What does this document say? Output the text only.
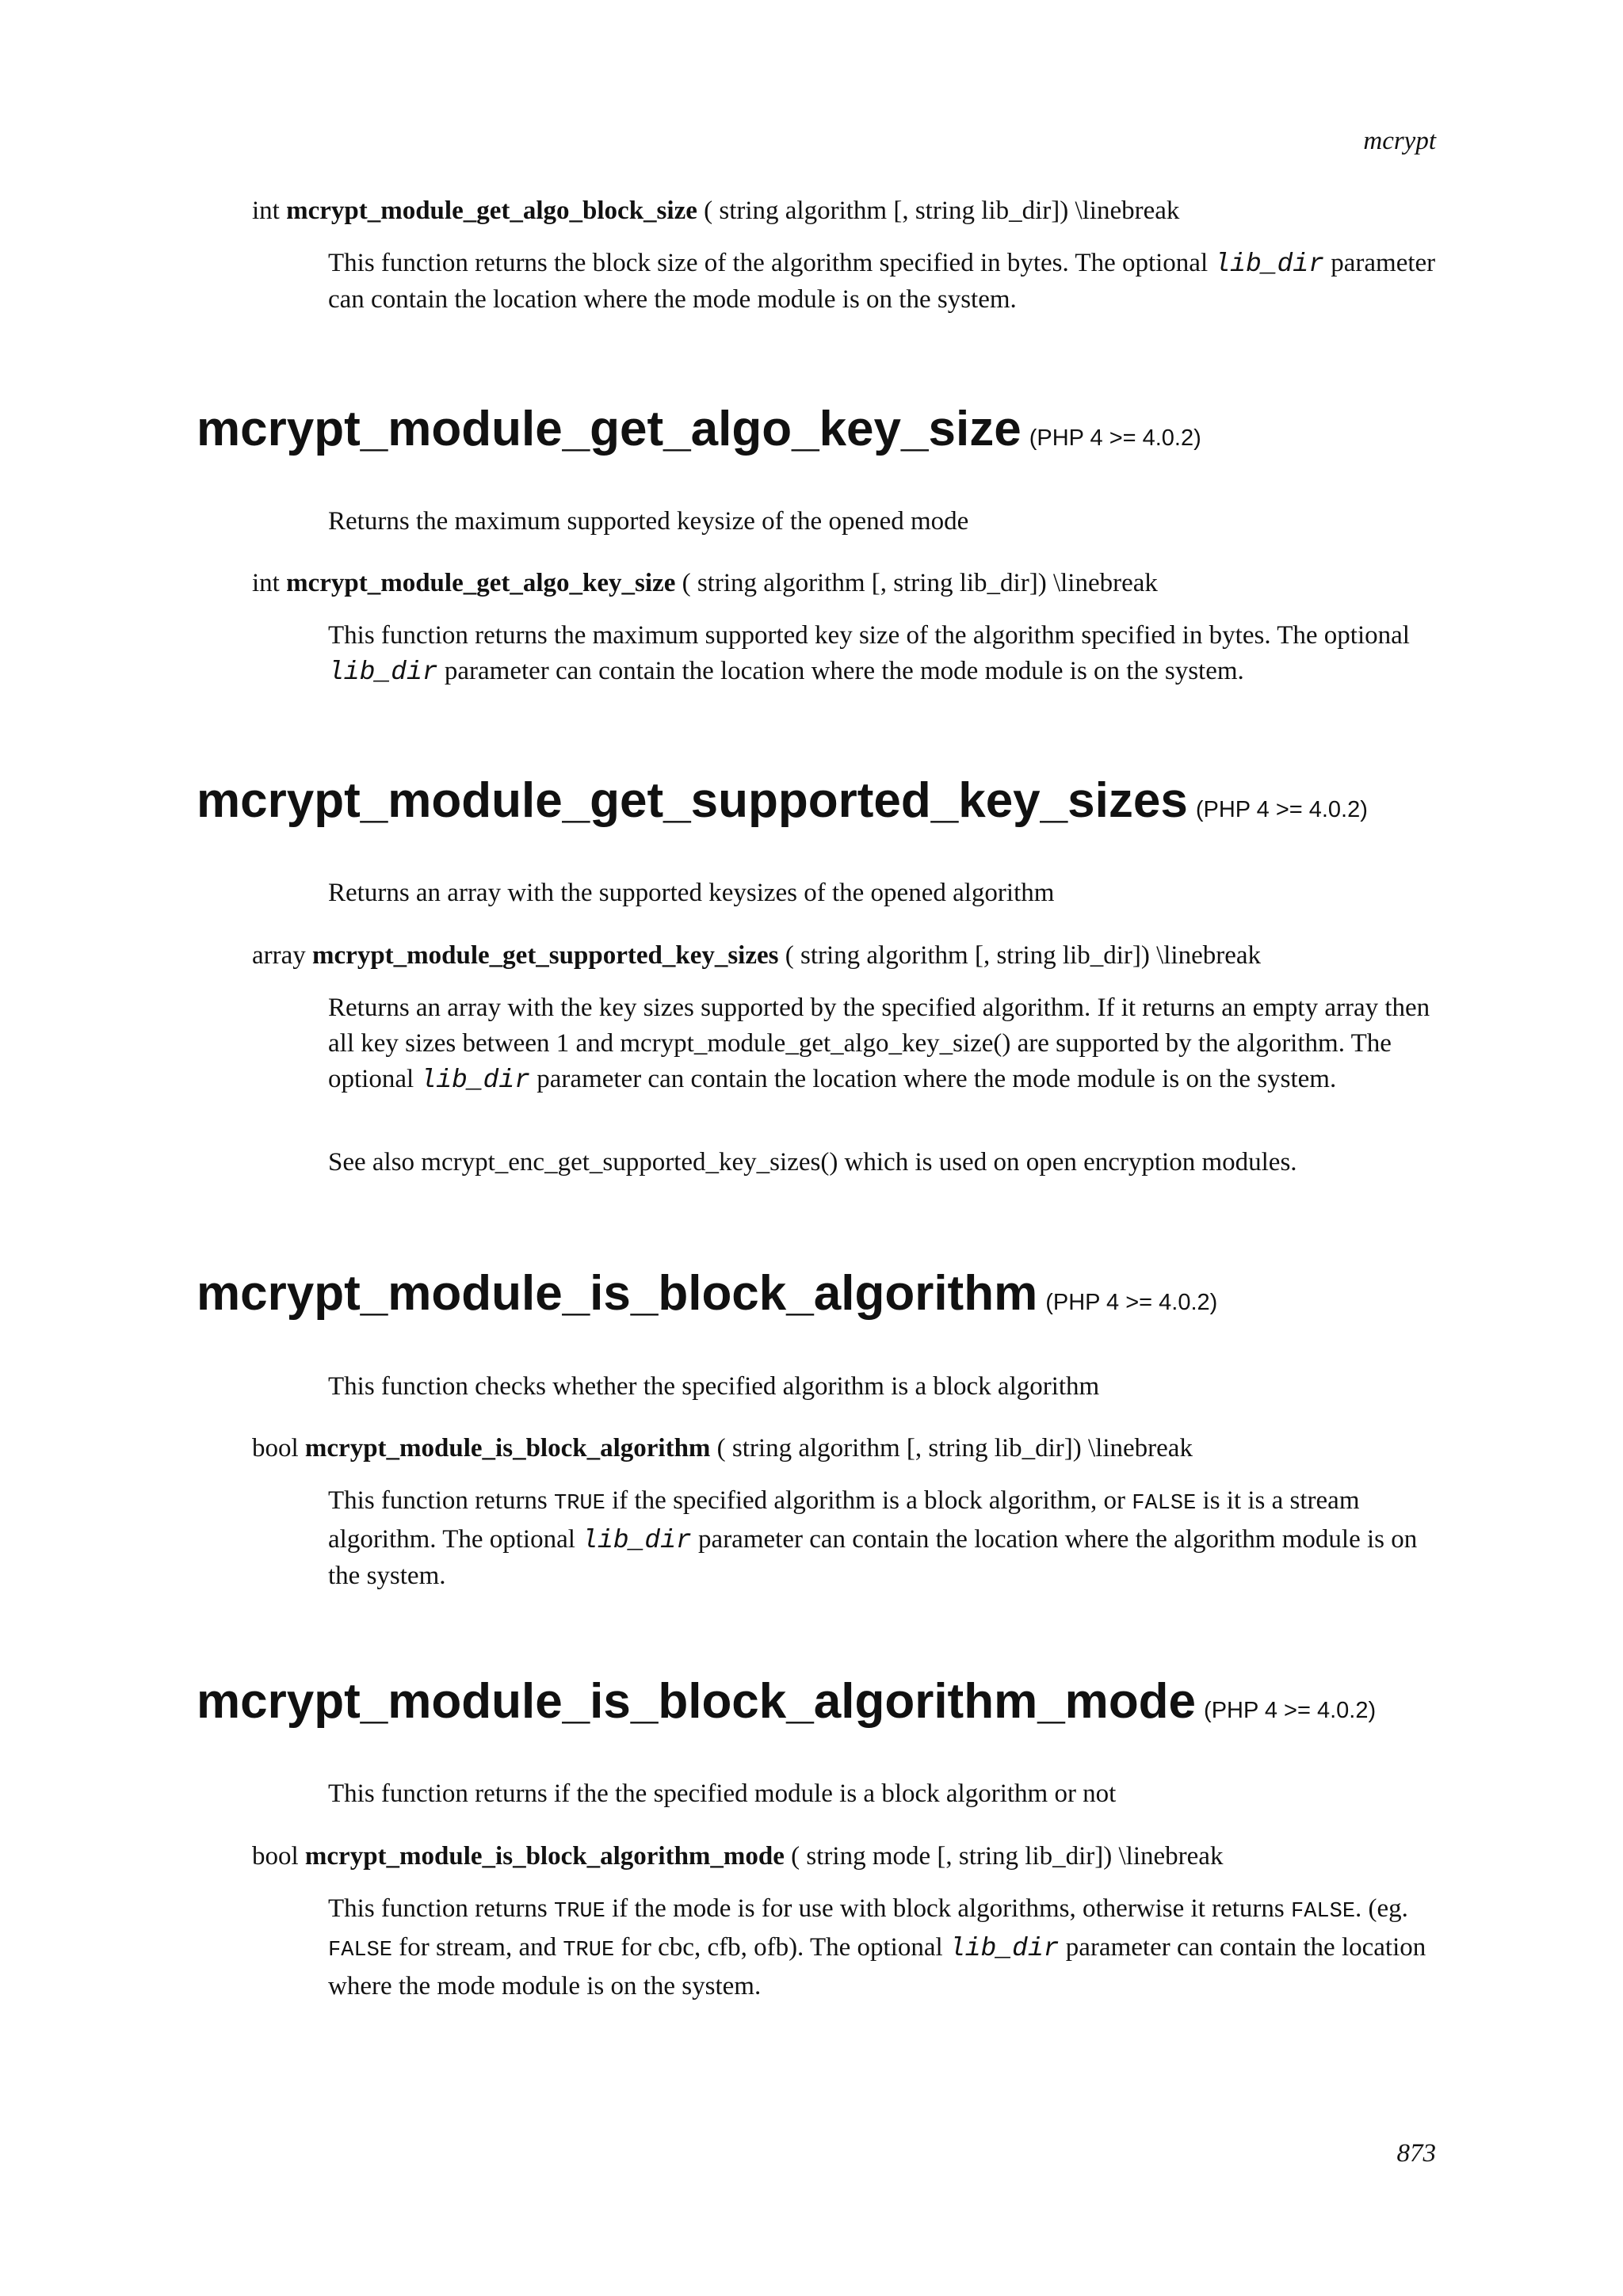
mcrypt
int mcrypt_module_get_algo_block_size ( string algorithm [, string lib_dir]) \linebreak
This function returns the block size of the algorithm specified in bytes. The optional lib_dir parameter can contain the location where the mode module is on the system.
mcrypt_module_get_algo_key_size (PHP 4 >= 4.0.2)
Returns the maximum supported keysize of the opened mode
int mcrypt_module_get_algo_key_size ( string algorithm [, string lib_dir]) \linebreak
This function returns the maximum supported key size of the algorithm specified in bytes. The optional lib_dir parameter can contain the location where the mode module is on the system.
mcrypt_module_get_supported_key_sizes (PHP 4 >= 4.0.2)
Returns an array with the supported keysizes of the opened algorithm
array mcrypt_module_get_supported_key_sizes ( string algorithm [, string lib_dir]) \linebreak
Returns an array with the key sizes supported by the specified algorithm. If it returns an empty array then all key sizes between 1 and mcrypt_module_get_algo_key_size() are supported by the algorithm. The optional lib_dir parameter can contain the location where the mode module is on the system.
See also mcrypt_enc_get_supported_key_sizes() which is used on open encryption modules.
mcrypt_module_is_block_algorithm (PHP 4 >= 4.0.2)
This function checks whether the specified algorithm is a block algorithm
bool mcrypt_module_is_block_algorithm ( string algorithm [, string lib_dir]) \linebreak
This function returns TRUE if the specified algorithm is a block algorithm, or FALSE is it is a stream algorithm. The optional lib_dir parameter can contain the location where the algorithm module is on the system.
mcrypt_module_is_block_algorithm_mode (PHP 4 >= 4.0.2)
This function returns if the the specified module is a block algorithm or not
bool mcrypt_module_is_block_algorithm_mode ( string mode [, string lib_dir]) \linebreak
This function returns TRUE if the mode is for use with block algorithms, otherwise it returns FALSE. (eg. FALSE for stream, and TRUE for cbc, cfb, ofb). The optional lib_dir parameter can contain the location where the mode module is on the system.
873
